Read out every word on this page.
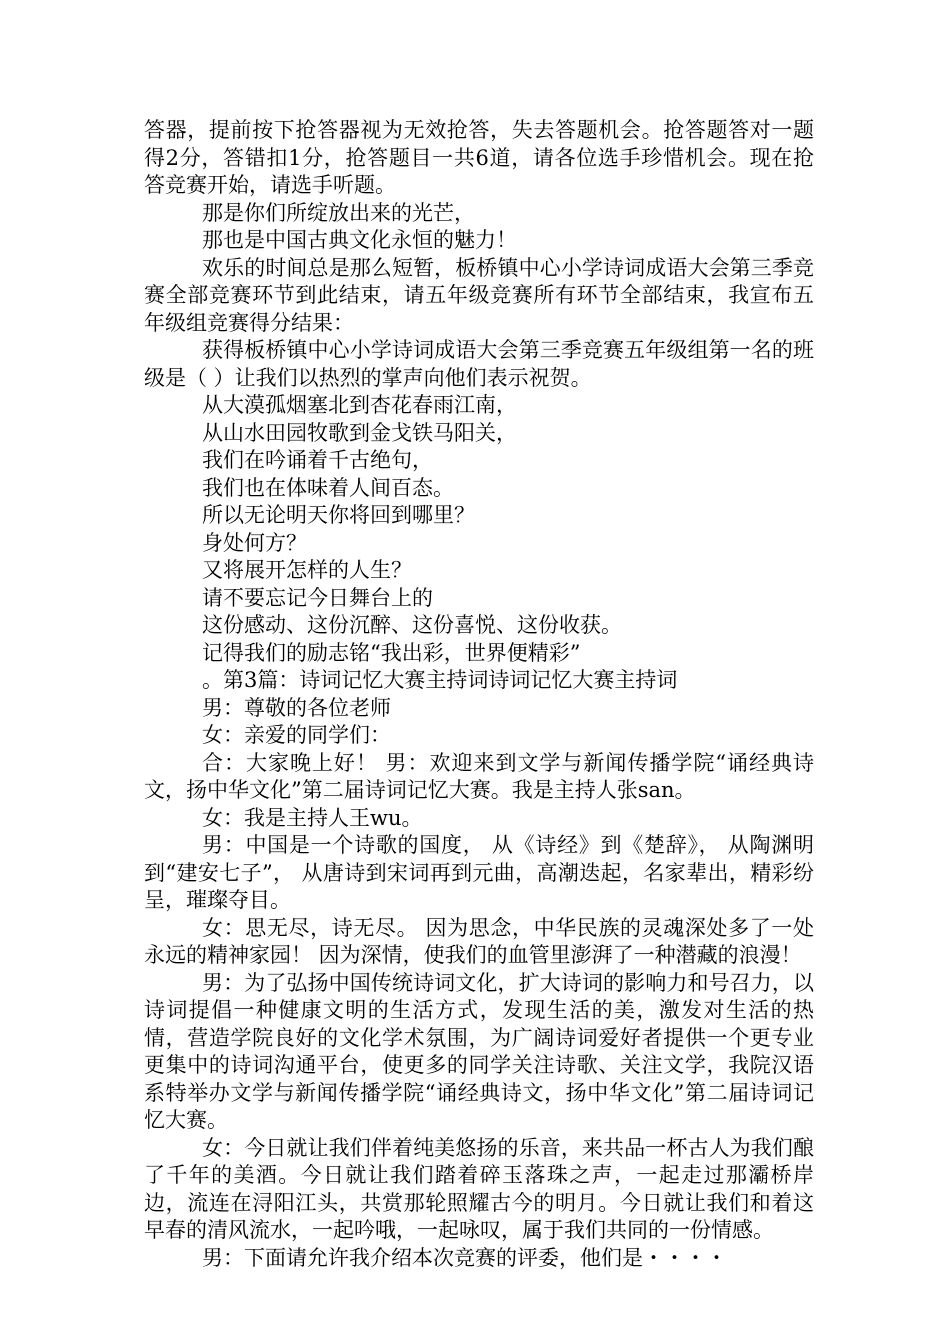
答器，提前按下抢答器视为无效抢答，失去答题机会。抢答题答对一题得2分，答错扣1分，抢答题目一共6道，请各位选手珍惜机会。现在抢答竞赛开始，请选手听题。

那是你们所绽放出来的光芒，

那也是中国古典文化永恒的魅力！

欢乐的时间总是那么短暂，板桥镇中心小学诗词成语大会第三季竞赛全部竞赛环节到此结束，请五年级竞赛所有环节全部结束，我宣布五年级组竞赛得分结果：

获得板桥镇中心小学诗词成语大会第三季竞赛五年级组第一名的班级是（ ）让我们以热烈的掌声向他们表示祝贺。

从大漠孤烟塞北到杏花春雨江南，

从山水田园牧歌到金戈铁马阳关，

我们在吟诵着千古绝句，

我们也在体味着人间百态。

所以无论明天你将回到哪里？

身处何方？

又将展开怎样的人生？

请不要忘记今日舞台上的

这份感动、这份沉醉、这份喜悦、这份收获。

记得我们的励志铭“我出彩，世界便精彩”

。第3篇：诗词记忆大赛主持词诗词记忆大赛主持词

男：尊敬的各位老师

女：亲爱的同学们：

合：大家晚上好！ 男：欢迎来到文学与新闻传播学院“诵经典诗文，扬中华文化”第二届诗词记忆大赛。我是主持人张san。

女：我是主持人王wu。

男：中国是一个诗歌的国度， 从《诗经》到《楚辞》， 从陶渊明到“建安七子”， 从唐诗到宋词再到元曲，高潮迭起，名家辈出，精彩纷呈，璀璨夺目。

女：思无尽，诗无尽。 因为思念，中华民族的灵魂深处多了一处永远的精神家园！ 因为深情，使我们的血管里澎湃了一种潜藏的浪漫！

男：为了弘扬中国传统诗词文化，扩大诗词的影响力和号召力，以诗词提倡一种健康文明的生活方式，发现生活的美，激发对生活的热情，营造学院良好的文化学术氛围，为广阔诗词爱好者提供一个更专业更集中的诗词沟通平台，使更多的同学关注诗歌、关注文学，我院汉语系特举办文学与新闻传播学院“诵经典诗文，扬中华文化”第二届诗词记忆大赛。

女：今日就让我们伴着纯美悠扬的乐音，来共品一杯古人为我们酿了千年的美酒。今日就让我们踏着碎玉落珠之声，一起走过那灞桥岸边，流连在浔阳江头，共赏那轮照耀古今的明月。今日就让我们和着这早春的清风流水，一起吟哦，一起咏叹，属于我们共同的一份情感。

男：下面请允许我介绍本次竞赛的评委，他们是・・・・
